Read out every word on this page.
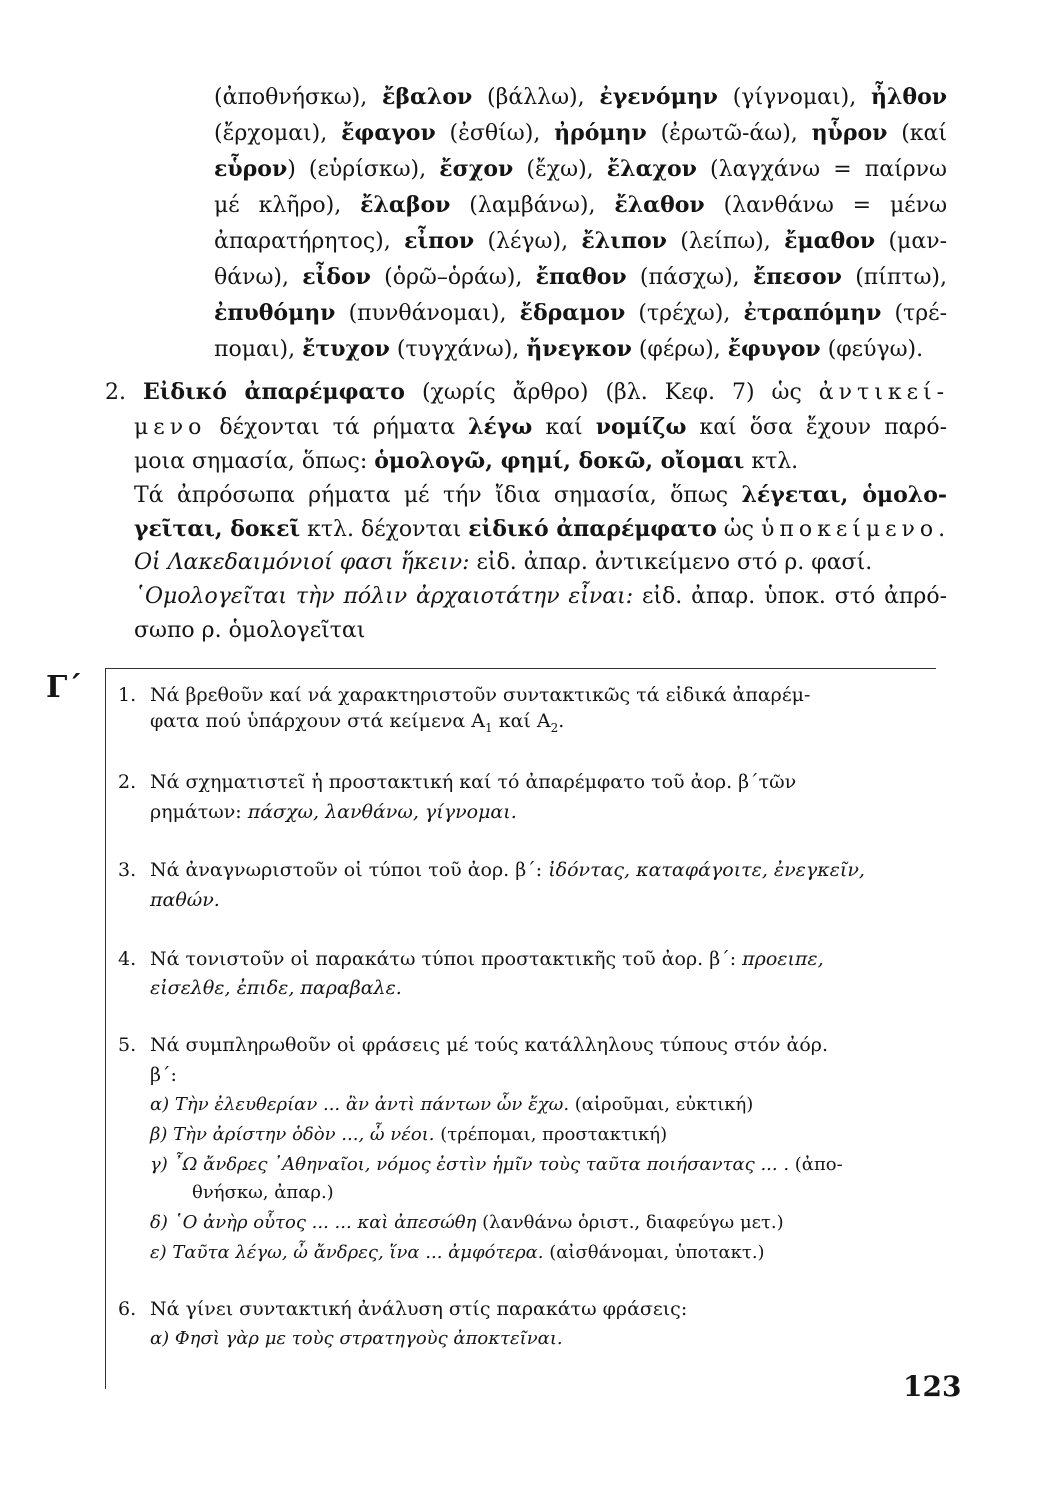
(ἀποθνήσκω), ἔβαλον (βάλλω), ἐγενόμην (γίγνομαι), ἦλθον
(ἔρχομαι), ἔφαγον (ἐσθίω), ἠρόμην (ἐρωτῶ-άω), ηὗρον (καί
εὗρον) (εὑρίσκω), ἔσχον (ἔχω), ἔλαχον (λαγχάνω = παίρνω
μέ κλῆρο), ἔλαβον (λαμβάνω), ἔλαθον (λανθάνω = μένω
ἀπαρατήρητος), εἶπον (λέγω), ἔλιπον (λείπω), ἔμαθον (μαν-
θάνω), εἶδον (ὁρῶ–ὁράω), ἔπαθον (πάσχω), ἔπεσον (πίπτω),
ἐπυθόμην (πυνθάνομαι), ἔδραμον (τρέχω), ἐτραπόμην (τρέ-
πομαι), ἔτυχον (τυγχάνω), ἤνεγκον (φέρω), ἔφυγον (φεύγω).
2. Εἰδικό ἀπαρέμφατο (χωρίς ἄρθρο) (βλ. Κεφ. 7) ὡς ἀντικεί-
μενο δέχονται τά ρήματα λέγω καί νομίζω καί ὅσα ἔχουν παρό-
μοια σημασία, ὅπως: ὁμολογῶ, φημί, δοκῶ, οἴομαι κτλ.
Τά ἀπρόσωπα ρήματα μέ τήν ἴδια σημασία, ὅπως λέγεται, ὁμολο-
γεῖται, δοκεῖ κτλ. δέχονται εἰδικό ἀπαρέμφατο ὡς ὑποκείμενο.
Οἱ Λακεδαιμόνιοί φασι ἥκειν: εἰδ. ἀπαρ. ἀντικείμενο στό ρ. φασί.
῾Ομολογεῖται τὴν πόλιν ἀρχαιοτάτην εἶναι: εἰδ. ἀπαρ. ὑποκ. στό ἀπρό-
σωπο ρ. ὁμολογεῖται
Γ΄ 1. Νά βρεθοῦν καί νά χαρακτηριστοῦν συντακτικῶς τά εἰδικά ἀπαρέμ-
φατα πού ὑπάρχουν στά κείμενα $A_1$ καί $A_2$.
2. Νά σχηματιστεῖ ἡ προστακτική καί τό ἀπαρέμφατο τοῦ ἀορ. β΄τῶν
ρημάτων: πάσχω, λανθάνω, γίγνομαι.
3. Νά ἀναγνωριστοῦν οἱ τύποι τοῦ ἀορ. β΄: ἰδόντας, καταφάγοιτε, ἐνεγκεῖν,
παθών.
4. Νά τονιστοῦν οἱ παρακάτω τύποι προστακτικῆς τοῦ ἀορ. β΄: προειπε,
εἰσελθε, ἐπιδε, παραβαλε.
5. Νά συμπληρωθοῦν οἱ φράσεις μέ τούς κατάλληλους τύπους στόν ἀόρ.
β΄:
α) Τὴν ἐλευθερίαν ... ἂν ἀντὶ πάντων ὧν ἔχω. (αἱροῦμαι, εὐκτική)
β) Τὴν ἀρίστην ὁδὸν ..., ὦ νέοι. (τρέπομαι, προστακτική)
γ) ῏Ω ἄνδρες ᾿Αθηναῖοι, νόμος ἐστὶν ἡμῖν τοὺς ταῦτα ποιήσαντας ... . (ἀπο-
θνήσκω, ἀπαρ.)
δ) ῾Ο ἀνὴρ οὗτος ... ... καὶ ἀπεσώθη (λανθάνω ὁριστ., διαφεύγω μετ.)
ε) Ταῦτα λέγω, ὦ ἄνδρες, ἵνα ... ἀμφότερα. (αἰσθάνομαι, ὑποτακτ.)
6. Νά γίνει συντακτική ἀνάλυση στίς παρακάτω φράσεις:
α) Φησὶ γὰρ με τοὺς στρατηγοὺς ἀποκτεῖναι.
123
